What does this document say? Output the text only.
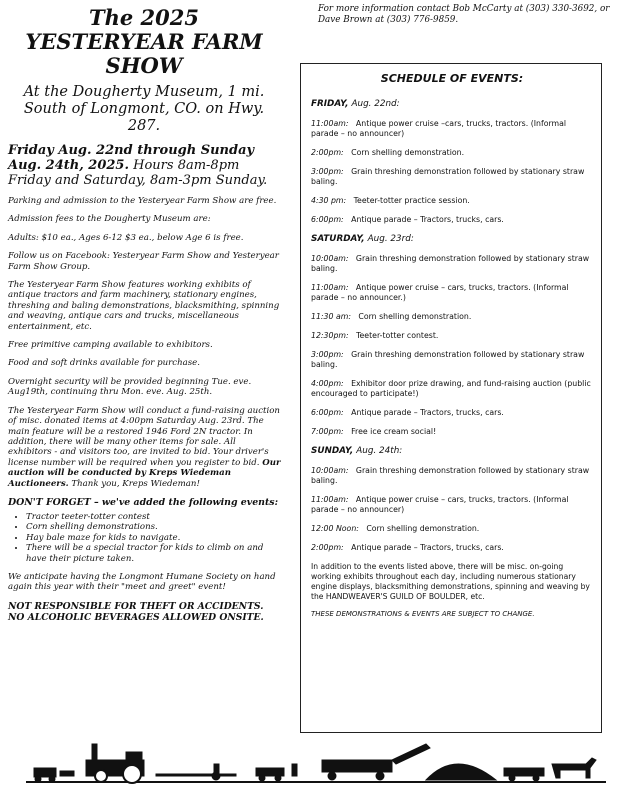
For more information contact Bob McCarty at (303) 330-3692, or Dave Brown at (303) 776-9859.
The 2025
YESTERYEAR FARM
SHOW

At the Dougherty Museum, 1 mi. South of Longmont, CO. on Hwy. 287.

Friday Aug. 22nd through Sunday Aug. 24th, 2025. Hours 8am-8pm Friday and Saturday, 8am-3pm Sunday.

Parking and admission to the Yesteryear Farm Show are free.

Admission fees to the Dougherty Museum are:

Adults: $10 ea., Ages 6-12 $3 ea., below Age 6 is free.

Follow us on Facebook: Yesteryear Farm Show and Yesteryear Farm Show Group.

The Yesteryear Farm Show features working exhibits of antique tractors and farm machinery, stationary engines, threshing and baling demonstrations, blacksmithing, spinning and weaving, antique cars and trucks, miscellaneous entertainment, etc.

Free primitive camping available to exhibitors.

Food and soft drinks available for purchase.

Overnight security will be provided beginning Tue. eve. Aug19th, continuing thru Mon. eve. Aug. 25th.

The Yesteryear Farm Show will conduct a fund-raising auction of misc. donated items at 4:00pm Saturday Aug. 23rd. The main feature will be a restored 1946 Ford 2N tractor. In addition, there will be many other items for sale. All exhibitors - and visitors too, are invited to bid. Your driver's license number will be required when you register to bid. Our auction will be conducted by Kreps Wiedeman Auctioneers. Thank you, Kreps Wiedeman!

DON'T FORGET – we've added the following events:

• Tractor teeter-totter contest
• Corn shelling demonstrations.
• Hay bale maze for kids to navigate.
• There will be a special tractor for kids to climb on and have their picture taken.

We anticipate having the Longmont Humane Society on hand again this year with their "meet and greet" event!

NOT RESPONSIBLE FOR THEFT OR ACCIDENTS.

NO ALCOHOLIC BEVERAGES ALLOWED ONSITE.

SCHEDULE OF EVENTS:
FRIDAY, Aug. 22nd:
11:00am: Antique power cruise –cars, trucks, tractors. (Informal parade – no announcer)
2:00pm: Corn shelling demonstration.
3:00pm: Grain threshing demonstration followed by stationary straw baling.
4:30 pm: Teeter-totter practice session.
6:00pm: Antique parade – Tractors, trucks, cars.
SATURDAY, Aug. 23rd:
10:00am: Grain threshing demonstration followed by stationary straw baling.
11:00am: Antique power cruise – cars, trucks, tractors. (Informal parade – no announcer.)
11:30 am: Corn shelling demonstration.
12:30pm: Teeter-totter contest.
3:00pm: Grain threshing demonstration followed by stationary straw baling.
4:00pm: Exhibitor door prize drawing, and fund-raising auction (public encouraged to participate!)
6:00pm: Antique parade – Tractors, trucks, cars.
7:00pm: Free ice cream social!
SUNDAY, Aug. 24th:
10:00am: Grain threshing demonstration followed by stationary straw baling.
11:00am: Antique power cruise – cars, trucks, tractors. (Informal parade – no announcer)
12:00 Noon: Corn shelling demonstration.
2:00pm: Antique parade – Tractors, trucks, cars.

In addition to the events listed above, there will be misc. on-going working exhibits throughout each day, including numerous stationary engine displays, blacksmithing demonstrations, spinning and weaving by the HANDWEAVER'S GUILD OF BOULDER, etc.

THESE DEMONSTRATIONS & EVENTS ARE SUBJECT TO CHANGE.
